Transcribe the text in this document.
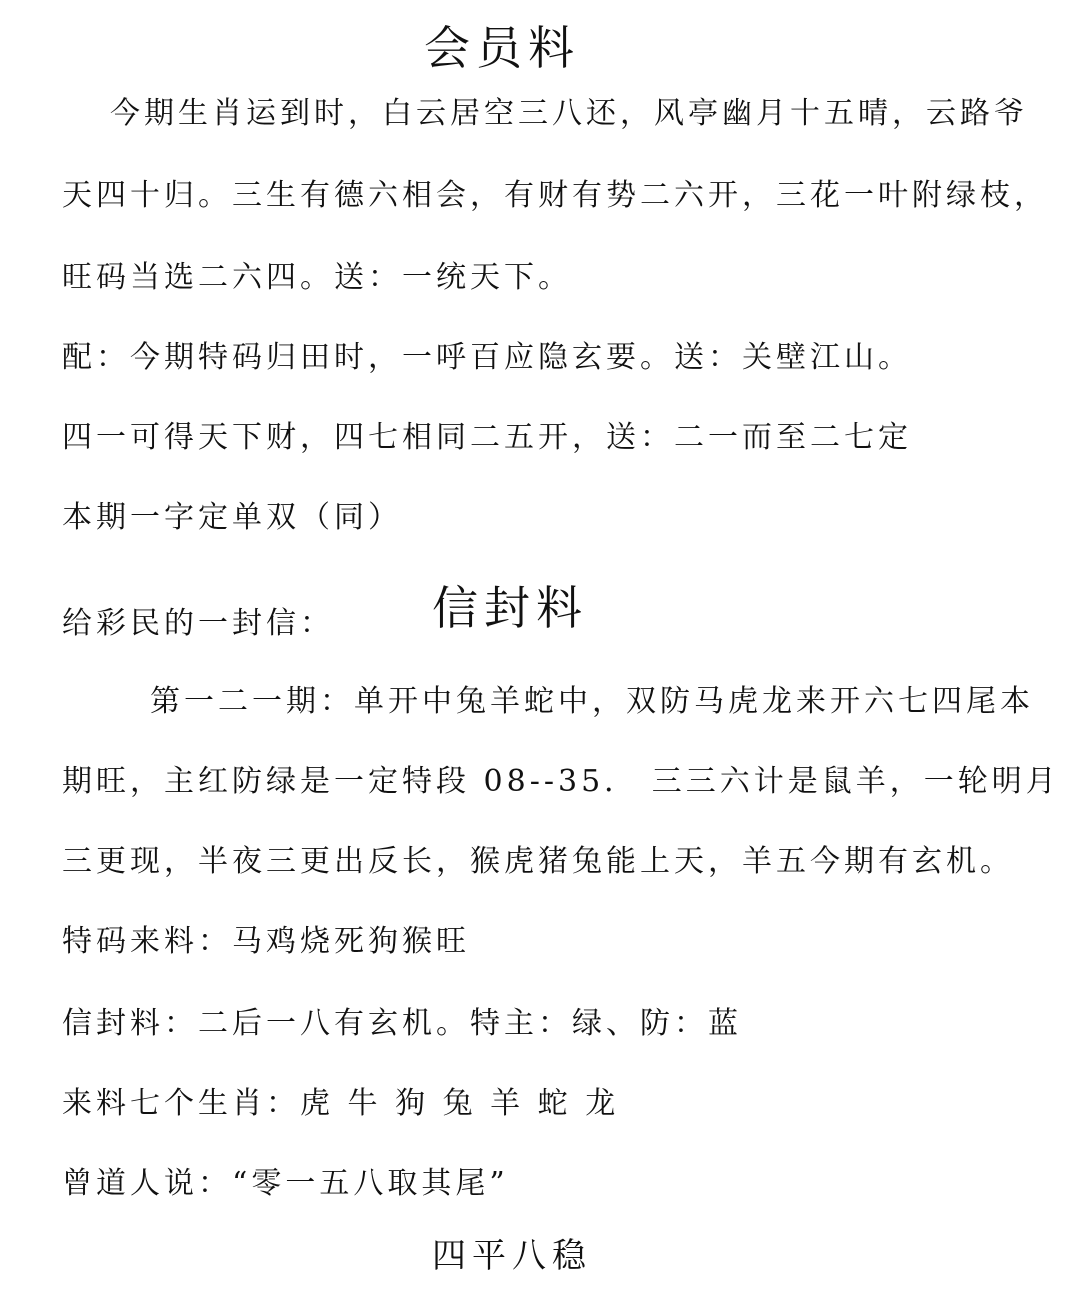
会员料
今期生肖运到时，白云居空三八还，风亭幽月十五晴，云路爷
天四十归。三生有德六相会，有财有势二六开，三花一叶附绿枝，
旺码当选二六四。送：一统天下。
配：今期特码归田时，一呼百应隐玄要。送：关壁江山。
四一可得天下财，四七相同二五开，送：二一而至二七定
本期一字定单双（同）
给彩民的一封信： 信封料
第一二一期：单开中兔羊蛇中，双防马虎龙来开六七四尾本
期旺，主红防绿是一定特段 08--35． 三三六计是鼠羊，一轮明月
三更现，半夜三更出反长，猴虎猪兔能上天，羊五今期有玄机。
特码来料：马鸡烧死狗猴旺
信封料：二后一八有玄机。特主：绿、防：蓝
来料七个生肖：虎 牛 狗 兔 羊 蛇 龙
曾道人说：“零一五八取其尾”
四平八稳
